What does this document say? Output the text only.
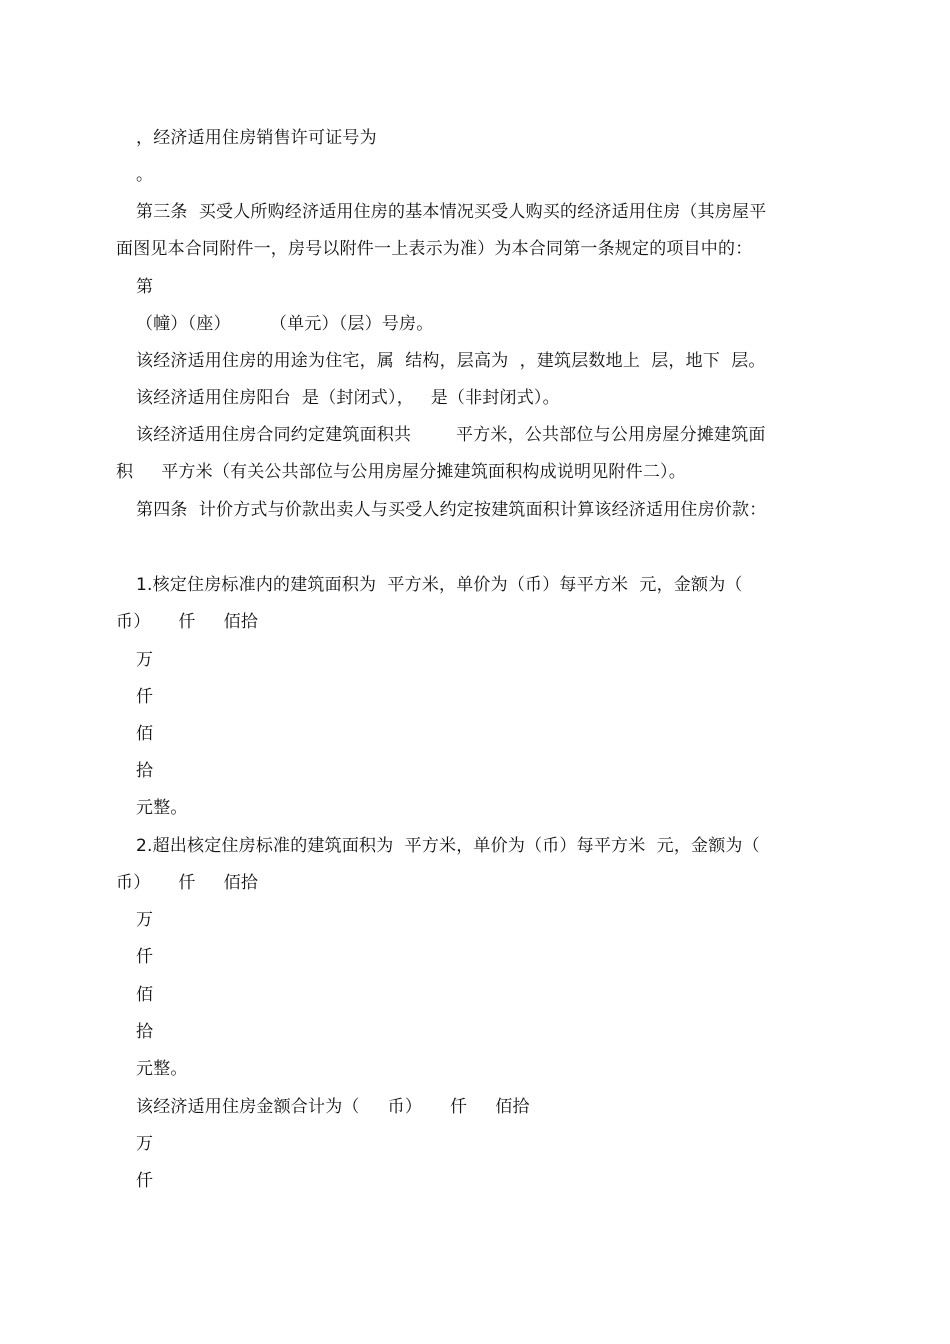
，经济适用住房销售许可证号为

。

第三条  买受人所购经济适用住房的基本情况买受人购买的经济适用住房（其房屋平

面图见本合同附件一，房号以附件一上表示为准）为本合同第一条规定的项目中的：

第

（幢）（座）       （单元）（层）号房。

该经济适用住房的用途为住宅，属  结构，层高为  ，建筑层数地上  层，地下  层。

该经济适用住房阳台  是（封闭式），   是（非封闭式）。

该经济适用住房合同约定建筑面积共        平方米，公共部位与公用房屋分摊建筑面

积     平方米（有关公共部位与公用房屋分摊建筑面积构成说明见附件二）。

第四条  计价方式与价款出卖人与买受人约定按建筑面积计算该经济适用住房价款：

1.核定住房标准内的建筑面积为  平方米，单价为（币）每平方米  元，金额为（

币）     仟     佰拾

万

仟

佰

拾

元整。

2.超出核定住房标准的建筑面积为  平方米，单价为（币）每平方米  元，金额为（

币）     仟     佰拾

万

仟

佰

拾

元整。

该经济适用住房金额合计为（     币）     仟     佰拾

万

仟
